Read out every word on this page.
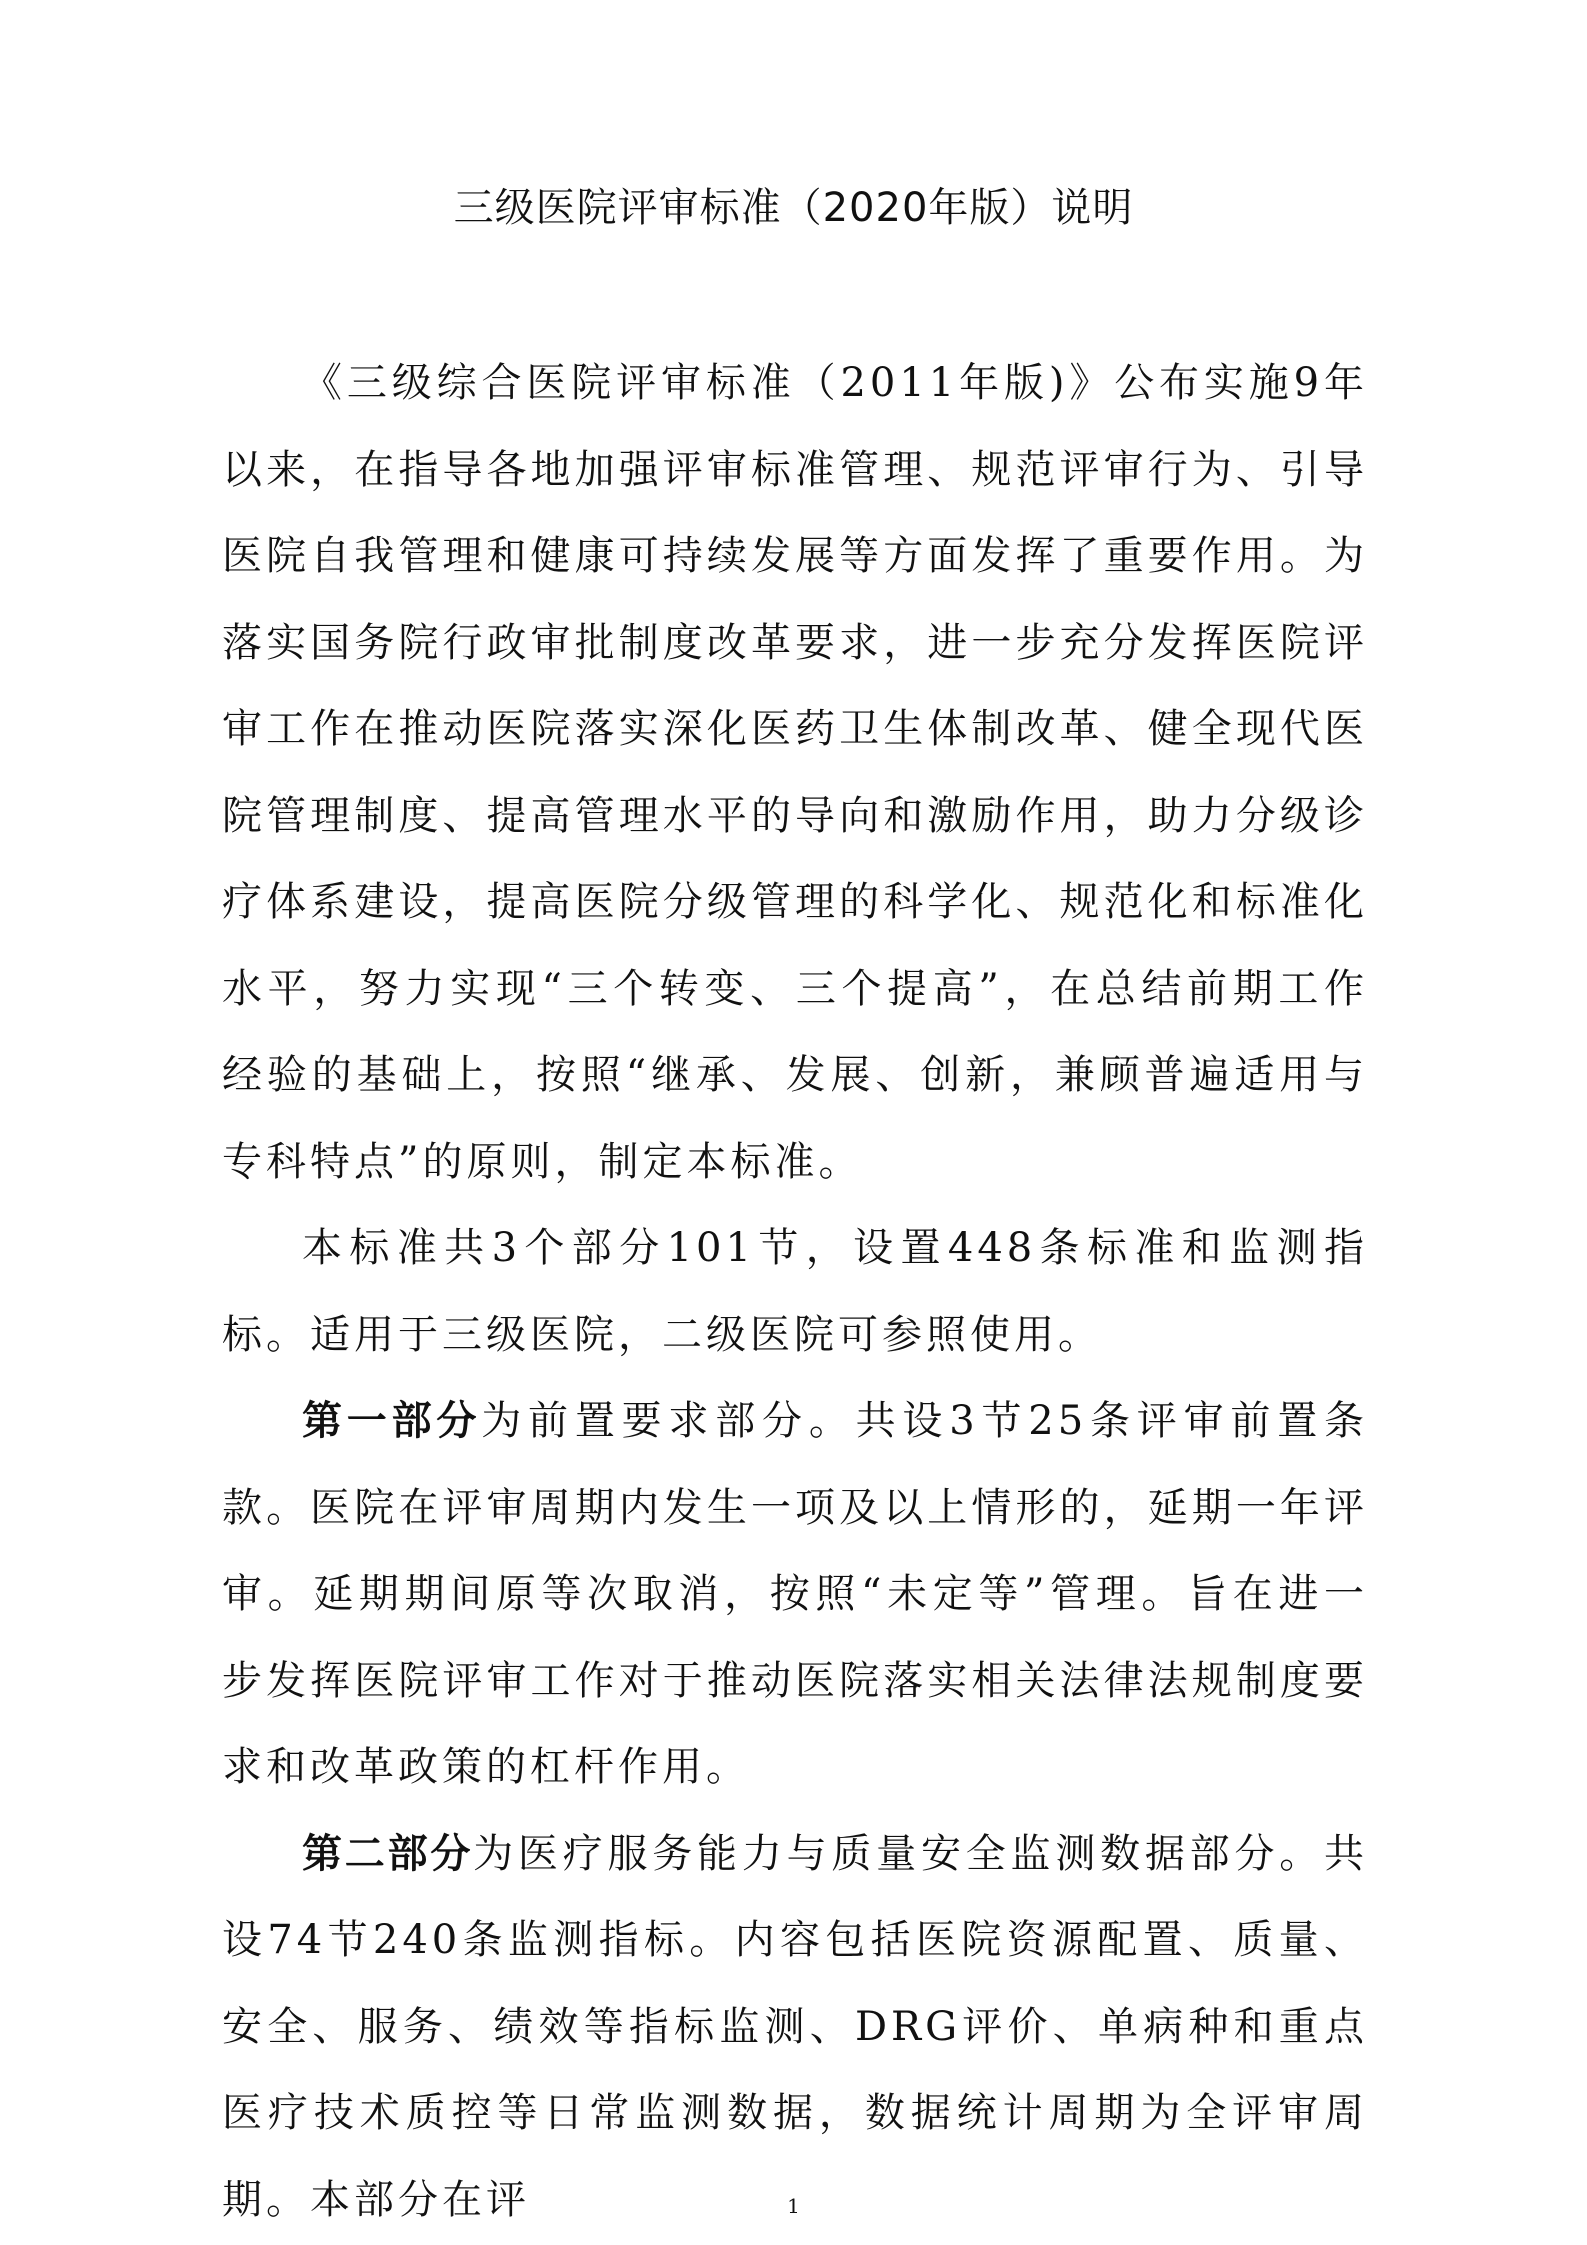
三级医院评审标准（2020年版）说明

《三级综合医院评审标准（2011年版)》公布实施9年以来，在指导各地加强评审标准管理、规范评审行为、引导医院自我管理和健康可持续发展等方面发挥了重要作用。为落实国务院行政审批制度改革要求，进一步充分发挥医院评审工作在推动医院落实深化医药卫生体制改革、健全现代医院管理制度、提高管理水平的导向和激励作用，助力分级诊疗体系建设，提高医院分级管理的科学化、规范化和标准化水平，努力实现“三个转变、三个提高”，在总结前期工作经验的基础上，按照“继承、发展、创新，兼顾普遍适用与专科特点”的原则，制定本标准。

本标准共3个部分101节，设置448条标准和监测指标。适用于三级医院，二级医院可参照使用。

第一部分为前置要求部分。共设3节25条评审前置条款。医院在评审周期内发生一项及以上情形的，延期一年评审。延期期间原等次取消，按照“未定等”管理。旨在进一步发挥医院评审工作对于推动医院落实相关法律法规制度要求和改革政策的杠杆作用。

第二部分为医疗服务能力与质量安全监测数据部分。共设74节240条监测指标。内容包括医院资源配置、质量、安全、服务、绩效等指标监测、DRG评价、单病种和重点医疗技术质控等日常监测数据，数据统计周期为全评审周期。本部分在评	1
